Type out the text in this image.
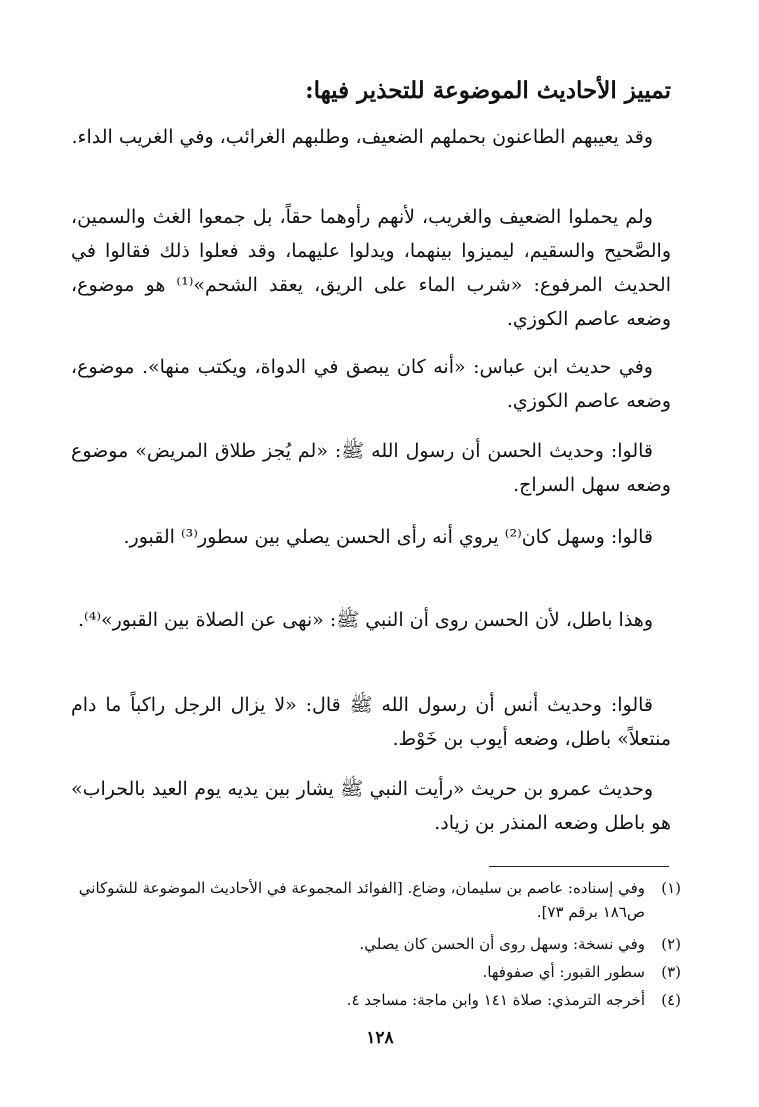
تمييز الأحاديث الموضوعة للتحذير فيها:
وقد يعيبهم الطاعنون بحملهم الضعيف، وطلبهم الغرائب، وفي الغريب الداء.
ولم يحملوا الضعيف والغريب، لأنهم رأوهما حقاً، بل جمعوا الغث والسمين، والصَّحيح والسقيم، ليميزوا بينهما، ويدلوا عليهما، وقد فعلوا ذلك فقالوا في الحديث المرفوع: «شرب الماء على الريق، يعقد الشحم»⁽¹⁾ هو موضوع، وضعه عاصم الكوزي.
وفي حديث ابن عباس: «أنه كان يبصق في الدواة، ويكتب منها». موضوع، وضعه عاصم الكوزي.
قالوا: وحديث الحسن أن رسول الله ﷺ: «لم يُجز طلاق المريض» موضوع وضعه سهل السراج.
قالوا: وسهل كان⁽²⁾ يروي أنه رأى الحسن يصلي بين سطور⁽³⁾ القبور.
وهذا باطل، لأن الحسن روى أن النبي ﷺ: «نهى عن الصلاة بين القبور»⁽⁴⁾.
قالوا: وحديث أنس أن رسول الله ﷺ قال: «لا يزال الرجل راكباً ما دام منتعلاً» باطل، وضعه أيوب بن خَوْط.
وحديث عمرو بن حريث «رأيت النبي ﷺ يشار بين يديه يوم العيد بالحراب» هو باطل وضعه المنذر بن زياد.
(١)
وفي إسناده: عاصم بن سليمان، وضاع. [الفوائد المجموعة في الأحاديث الموضوعة للشوكاني ص١٨٦ برقم ٧٣].
(٢)
وفي نسخة: وسهل روى أن الحسن كان يصلي.
(٣)
سطور القبور: أي صفوفها.
(٤)
أخرجه الترمذي: صلاة ١٤١ وابن ماجة: مساجد ٤.
١٢٨
